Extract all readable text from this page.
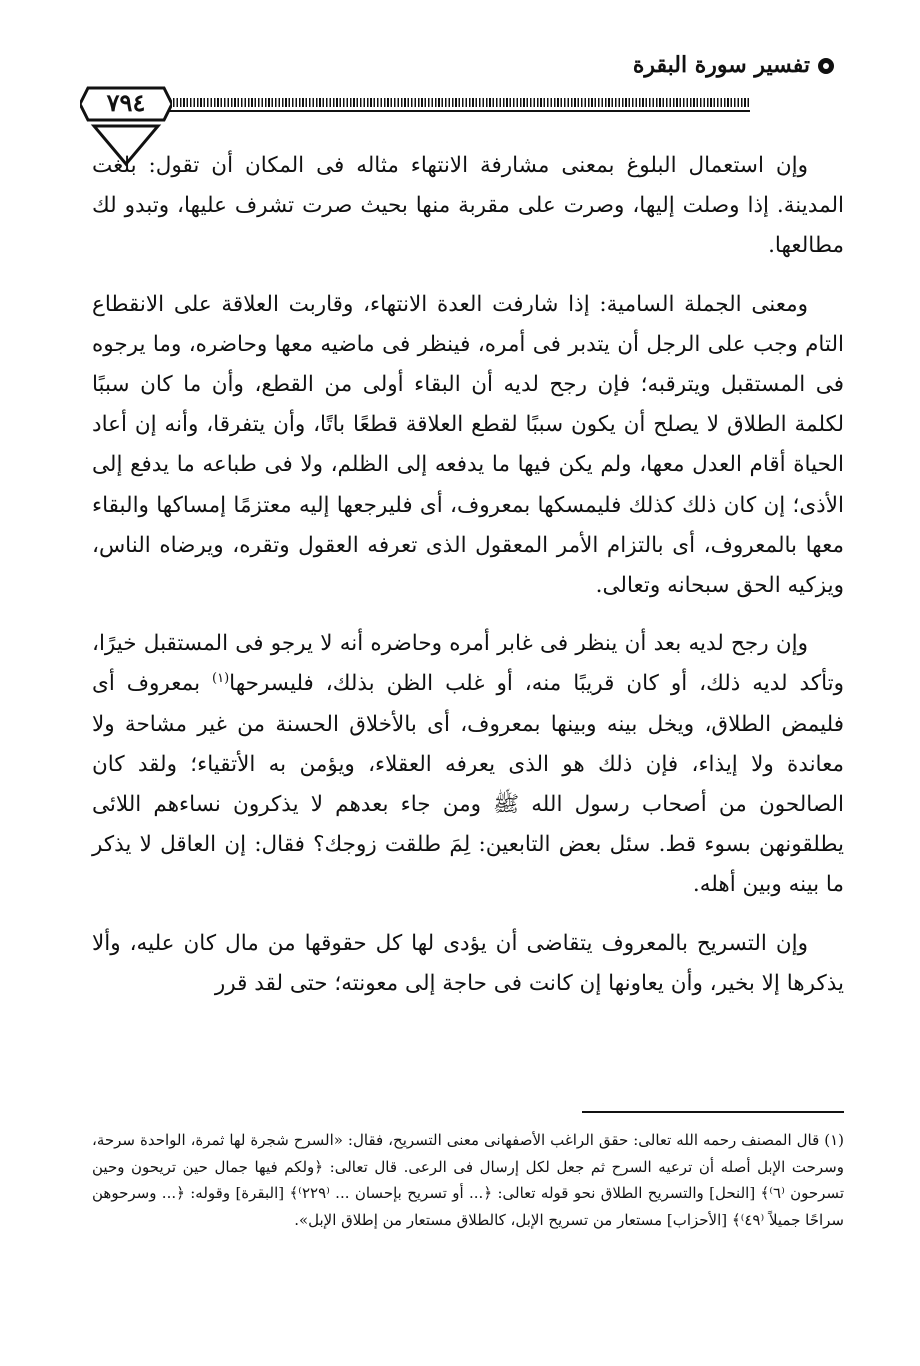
تفسير سورة البقرة
٧٩٤

وإن استعمال البلوغ بمعنى مشارفة الانتهاء مثاله فى المكان أن تقول: بلغت المدينة. إذا وصلت إليها، وصرت على مقربة منها بحيث صرت تشرف عليها، وتبدو لك مطالعها.

ومعنى الجملة السامية: إذا شارفت العدة الانتهاء، وقاربت العلاقة على الانقطاع التام وجب على الرجل أن يتدبر فى أمره، فينظر فى ماضيه معها وحاضره، وما يرجوه فى المستقبل ويترقبه؛ فإن رجح لديه أن البقاء أولى من القطع، وأن ما كان سببًا لكلمة الطلاق لا يصلح أن يكون سببًا لقطع العلاقة قطعًا باتًا، وأن يتفرقا، وأنه إن أعاد الحياة أقام العدل معها، ولم يكن فيها ما يدفعه إلى الظلم، ولا فى طباعه ما يدفع إلى الأذى؛ إن كان ذلك كذلك فليمسكها بمعروف، أى فليرجعها إليه معتزمًا إمساكها والبقاء معها بالمعروف، أى بالتزام الأمر المعقول الذى تعرفه العقول وتقره، ويرضاه الناس، ويزكيه الحق سبحانه وتعالى.

وإن رجح لديه بعد أن ينظر فى غابر أمره وحاضره أنه لا يرجو فى المستقبل خيرًا، وتأكد لديه ذلك، أو كان قريبًا منه، أو غلب الظن بذلك، فليسرحها$^{(١)}$ بمعروف أى فليمض الطلاق، ويخل بينه وبينها بمعروف، أى بالأخلاق الحسنة من غير مشاحة ولا معاندة ولا إيذاء، فإن ذلك هو الذى يعرفه العقلاء، ويؤمن به الأتقياء؛ ولقد كان الصالحون من أصحاب رسول الله ﷺ ومن جاء بعدهم لا يذكرون نساءهم اللائى يطلقونهن بسوء قط. سئل بعض التابعين: لِمَ طلقت زوجك؟ فقال: إن العاقل لا يذكر ما بينه وبين أهله.

وإن التسريح بالمعروف يتقاضى أن يؤدى لها كل حقوقها من مال كان عليه، وألا يذكرها إلا بخير، وأن يعاونها إن كانت فى حاجة إلى معونته؛ حتى لقد قرر

(١) قال المصنف رحمه الله تعالى: حقق الراغب الأصفهانى معنى التسريح، فقال: «السرح شجرة لها ثمرة، الواحدة سرحة، وسرحت الإبل أصله أن ترعيه السرح ثم جعل لكل إرسال فى الرعى. قال تعالى: ﴿ولكم فيها جمال حين تريحون وحين تسرحون ⁽٦⁾﴾ [النحل] والتسريح الطلاق نحو قوله تعالى: ﴿... أو تسريح بإحسان ... ⁽٢٢٩⁾﴾ [البقرة] وقوله: ﴿... وسرحوهن سراحًا جميلاً ⁽٤٩⁾﴾ [الأحزاب] مستعار من تسريح الإبل، كالطلاق مستعار من إطلاق الإبل».
